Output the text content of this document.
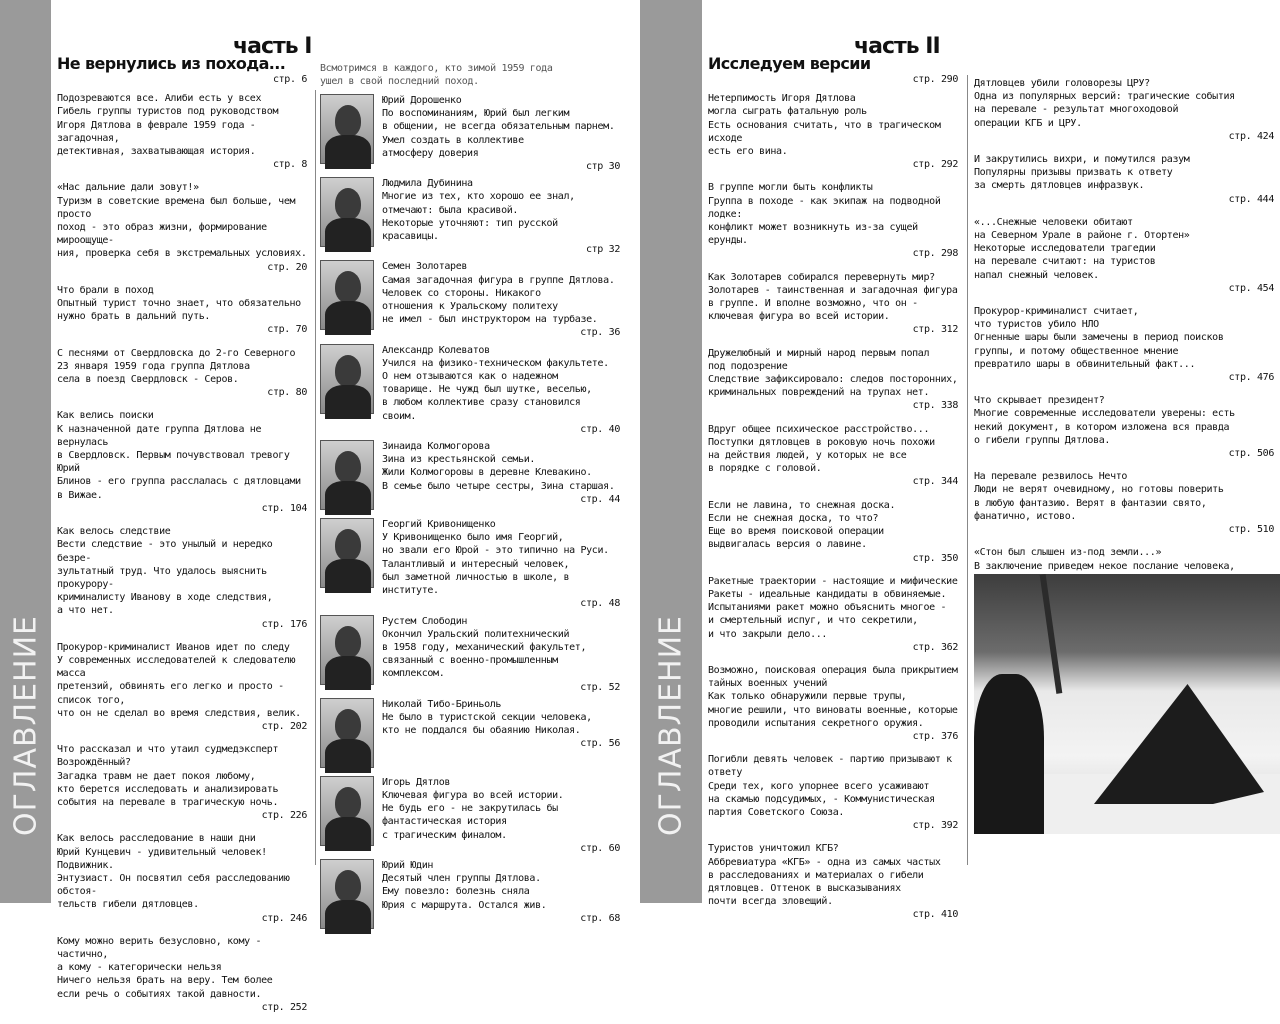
ОГЛАВЛЕНИЕ
часть I
Не вернулись из похода...
стр. 6
Подозреваются все. Алиби есть у всех
Гибель группы туристов под руководством
Игоря Дятлова в феврале 1959 года - загадочная,
детективная, захватывающая история.
стр. 8
«Нас дальние дали зовут!»
Туризм в советские времена был больше, чем просто
поход - это образ жизни, формирование мироощуще-
ния, проверка себя в экстремальных условиях.
стр. 20
Что брали в поход
Опытный турист точно знает, что обязательно
нужно брать в дальний путь.
стр. 70
С песнями от Свердловска до 2-го Северного
23 января 1959 года группа Дятлова
села в поезд Свердловск - Серов.
стр. 80
Как велись поиски
К назначенной дате группа Дятлова не вернулась
в Свердловск. Первым почувствовал тревогу Юрий
Блинов - его группа расслалась с дятловцами
в Вижае.
стр. 104
Как велось следствие
Вести следствие - это унылый и нередко безре-
зультатный труд. Что удалось выяснить прокурору-
криминалисту Иванову в ходе следствия,
а что нет.
стр. 176
Прокурор-криминалист Иванов идет по следу
У современных исследователей к следователю масса
претензий, обвинять его легко и просто - список того,
что он не сделал во время следствия, велик.
стр. 202
Что рассказал и что утаил судмедэксперт
Возрождённый?
Загадка травм не дает покоя любому,
кто берется исследовать и анализировать
события на перевале в трагическую ночь.
стр. 226
Как велось расследование в наши дни
Юрий Кунцевич - удивительный человек! Подвижник.
Энтузиаст. Он посвятил себя расследованию обстоя-
тельств гибели дятловцев.
стр. 246
Кому можно верить безусловно, кому - частично,
а кому - категорически нельзя
Ничего нельзя брать на веру. Тем более
если речь о событиях такой давности.
стр. 252
Всмотримся в каждого, кто зимой 1959 года
ушел в свой последний поход.
Юрий Дорошенко
По воспоминаниям, Юрий был легким
в общении, не всегда обязательным парнем.
Умел создать в коллективе
атмосферу доверия
стр 30
Людмила Дубинина
Многие из тех, кто хорошо ее знал,
отмечают: была красивой.
Некоторые уточняют: тип русской красавицы.
стр 32
Семен Золотарев
Самая загадочная фигура в группе Дятлова.
Человек со стороны. Никакого
отношения к Уральскому политеху
не имел - был инструктором на турбазе.
стр. 36
Александр Колеватов
Учился на физико-техническом факультете.
О нем отзываются как о надежном
товарище. Не чужд был шутке, веселью,
в любом коллективе сразу становился своим.
стр. 40
Зинаида Колмогорова
Зина из крестьянской семьи.
Жили Колмогоровы в деревне Клевакино.
В семье было четыре сестры, Зина старшая.
стр. 44
Георгий Кривонищенко
У Кривонищенко было имя Георгий,
но звали его Юрой - это типично на Руси.
Талантливый и интересный человек,
был заметной личностью в школе, в институте.
стр. 48
Рустем Слободин
Окончил Уральский политехнический
в 1958 году, механический факультет,
связанный с военно-промышленным
комплексом.
стр. 52
Николай Тибо-Бриньоль
Не было в туристской секции человека,
кто не поддался бы обаянию Николая.
стр. 56
Игорь Дятлов
Ключевая фигура во всей истории.
Не будь его - не закрутилась бы
фантастическая история
с трагическим финалом.
стр. 60
Юрий Юдин
Десятый член группы Дятлова.
Ему повезло: болезнь сняла
Юрия с маршрута. Остался жив.
стр. 68
ОГЛАВЛЕНИЕ
часть II
Исследуем версии
стр. 290
Нетерпимость Игоря Дятлова
могла сыграть фатальную роль
Есть основания считать, что в трагическом исходе
есть его вина.
стр. 292
В группе могли быть конфликты
Группа в походе - как экипаж на подводной лодке:
конфликт может возникнуть из-за сущей ерунды.
стр. 298
Как Золотарев собирался перевернуть мир?
Золотарев - таинственная и загадочная фигура
в группе. И вполне возможно, что он -
ключевая фигура во всей истории.
стр. 312
Дружелюбный и мирный народ первым попал
под подозрение
Следствие зафиксировало: следов посторонних,
криминальных повреждений на трупах нет.
стр. 338
Вдруг общее психическое расстройство...
Поступки дятловцев в роковую ночь похожи
на действия людей, у которых не все
в порядке с головой.
стр. 344
Если не лавина, то снежная доска.
Если не снежная доска, то что?
Еще во время поисковой операции
выдвигалась версия о лавине.
стр. 350
Ракетные траектории - настоящие и мифические
Ракеты - идеальные кандидаты в обвиняемые.
Испытаниями ракет можно объяснить многое -
и смертельный испуг, и что секретили,
и что закрыли дело...
стр. 362
Возможно, поисковая операция была прикрытием
тайных военных учений
Как только обнаружили первые трупы,
многие решили, что виноваты военные, которые
проводили испытания секретного оружия.
стр. 376
Погибли девять человек - партию призывают к ответу
Среди тех, кого упорнее всего усаживают
на скамью подсудимых, - Коммунистическая
партия Советского Союза.
стр. 392
Туристов уничтожил КГБ?
Аббревиатура «КГБ» - одна из самых частых
в расследованиях и материалах о гибели
дятловцев. Оттенок в высказываниях
почти всегда зловещий.
стр. 410
Дятловцев убили головорезы ЦРУ?
Одна из популярных версий: трагические события
на перевале - результат многоходовой
операции КГБ и ЦРУ.
стр. 424
И закрутились вихри, и помутился разум
Популярны призывы призвать к ответу
за смерть дятловцев инфразвук.
стр. 444
«...Снежные человеки обитают
на Северном Урале в районе г. Отортен»
Некоторые исследователи трагедии
на перевале считают: на туристов
напал снежный человек.
стр. 454
Прокурор-криминалист считает,
что туристов убило НЛО
Огненные шары были замечены в период поисков
группы, и потому общественное мнение
превратило шары в обвинительный факт...
стр. 476
Что скрывает президент?
Многие современные исследователи уверены: есть
некий документ, в котором изложена вся правда
о гибели группы Дятлова.
стр. 506
На перевале резвилось Нечто
Люди не верят очевидному, но готовы поверить
в любую фантазию. Верят в фантазии свято,
фанатично, истово.
стр. 510
«Стон был слышен из-под земли...»
В заключение приведем некое послание человека,
